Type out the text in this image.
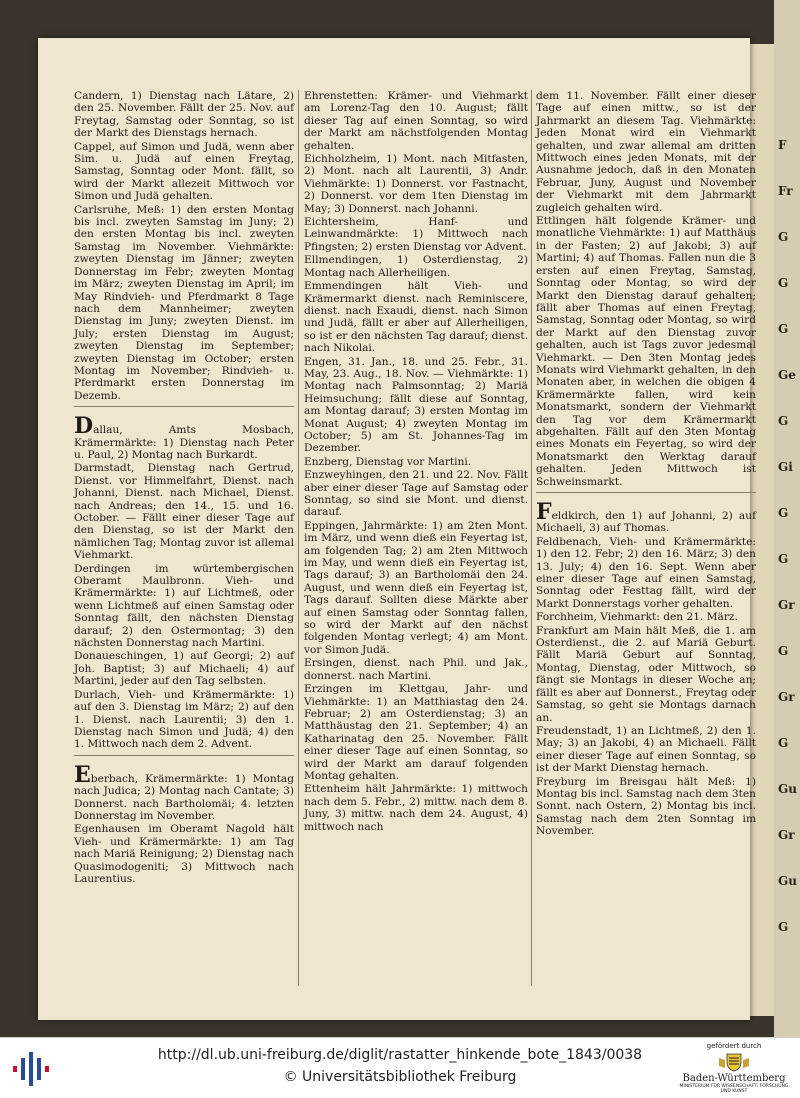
F
Fr
G
G
G
Ge
G
Gi
G
G
Gr
G
Gr
G
Gu
Gr
Gu
G
Candern, 1) Dienstag nach Lätare, 2) den 25. November. Fällt der 25. Nov. auf Freytag, Samstag oder Sonntag, so ist der Markt des Dienstags hernach.
Cappel, auf Simon und Judä, wenn aber Sim. u. Judä auf einen Freytag, Samstag, Sonntag oder Mont. fällt, so wird der Markt allezeit Mittwoch vor Simon und Judä gehalten.
Carlsruhe, Meß: 1) den ersten Montag bis incl. zweyten Samstag im Juny; 2) den ersten Montag bis incl. zweyten Samstag im November. Viehmärkte: zweyten Dienstag im Jänner; zweyten Donnerstag im Febr; zweyten Montag im März; zweyten Dienstag im April; im May Rindvieh- und Pferdmarkt 8 Tage nach dem Mannheimer; zweyten Dienstag im Juny; zweyten Dienst. im July; ersten Dienstag im August; zweyten Dienstag im September; zweyten Dienstag im October; ersten Montag im November; Rindvieh- u. Pferdmarkt ersten Donnerstag im Dezemb.
Dallau, Amts Mosbach, Krämermärkte: 1) Dienstag nach Peter u. Paul, 2) Montag nach Burkardt.
Darmstadt, Dienstag nach Gertrud, Dienst. vor Himmelfahrt, Dienst. nach Johanni, Dienst. nach Michael, Dienst. nach Andreas; den 14., 15. und 16. October. — Fällt einer dieser Tage auf den Dienstag, so ist der Markt den nämlichen Tag; Montag zuvor ist allemal Viehmarkt.
Derdingen im würtembergischen Oberamt Maulbronn. Vieh- und Krämermärkte: 1) auf Lichtmeß, oder wenn Lichtmeß auf einen Samstag oder Sonntag fällt, den nächsten Dienstag darauf; 2) den Ostermontag; 3) den nächsten Donnerstag nach Martini.
Donaueschingen, 1) auf Georgi; 2) auf Joh. Baptist; 3) auf Michaeli; 4) auf Martini, jeder auf den Tag selbsten.
Durlach, Vieh- und Krämermärkte: 1) auf den 3. Dienstag im März; 2) auf den 1. Dienst. nach Laurentii; 3) den 1. Dienstag nach Simon und Judä; 4) den 1. Mittwoch nach dem 2. Advent.
Eberbach, Krämermärkte: 1) Montag nach Judica; 2) Montag nach Cantate; 3) Donnerst. nach Bartholomäi; 4. letzten Donnerstag im November.
Egenhausen im Oberamt Nagold hält Vieh- und Krämermärkte: 1) am Tag nach Mariä Reinigung; 2) Dienstag nach Quasimodogeniti; 3) Mittwoch nach Laurentius.
Ehrenstetten: Krämer- und Viehmarkt am Lorenz-Tag den 10. August; fällt dieser Tag auf einen Sonntag, so wird der Markt am nächstfolgenden Montag gehalten.
Eichholzheim, 1) Mont. nach Mitfasten, 2) Mont. nach alt Laurentii, 3) Andr. Viehmärkte: 1) Donnerst. vor Fastnacht, 2) Donnerst. vor dem 1ten Dienstag im May; 3) Donnerst. nach Johanni.
Eichtersheim, Hanf- und Leinwandmärkte: 1) Mittwoch nach Pfingsten; 2) ersten Dienstag vor Advent.
Ellmendingen, 1) Osterdienstag, 2) Montag nach Allerheiligen.
Emmendingen hält Vieh- und Krämermarkt dienst. nach Reminiscere, dienst. nach Exaudi, dienst. nach Simon und Judä, fällt er aber auf Allerheiligen, so ist er den nächsten Tag darauf; dienst. nach Nikolai.
Engen, 31. Jan., 18. und 25. Febr., 31. May, 23. Aug., 18. Nov. — Viehmärkte: 1) Montag nach Palmsonntag; 2) Mariä Heimsuchung; fällt diese auf Sonntag, am Montag darauf; 3) ersten Montag im Monat August; 4) zweyten Montag im October; 5) am St. Johannes-Tag im Dezember.
Enzberg, Dienstag vor Martini.
Enzweyhingen, den 21. und 22. Nov. Fällt aber einer dieser Tage auf Samstag oder Sonntag, so sind sie Mont. und dienst. darauf.
Eppingen, Jahrmärkte: 1) am 2ten Mont. im März, und wenn dieß ein Feyertag ist, am folgenden Tag; 2) am 2ten Mittwoch im May, und wenn dieß ein Feyertag ist, Tags darauf; 3) an Bartholomäi den 24. August, und wenn dieß ein Feyertag ist, Tags darauf. Sollten diese Märkte aber auf einen Samstag oder Sonntag fallen, so wird der Markt auf den nächst folgenden Montag verlegt; 4) am Mont. vor Simon Judä.
Ersingen, dienst. nach Phil. und Jak., donnerst. nach Martini.
Erzingen im Klettgau, Jahr- und Viehmärkte: 1) an Matthiastag den 24. Februar; 2) am Osterdienstag; 3) an Matthäustag den 21. September; 4) an Katharinatag den 25. November. Fällt einer dieser Tage auf einen Sonntag, so wird der Markt am darauf folgenden Montag gehalten.
Ettenheim hält Jahrmärkte: 1) mittwoch nach dem 5. Febr., 2) mittw. nach dem 8. Juny, 3) mittw. nach dem 24. August, 4) mittwoch nach
dem 11. November. Fällt einer dieser Tage auf einen mittw., so ist der Jahrmarkt an diesem Tag. Viehmärkte: Jeden Monat wird ein Viehmarkt gehalten, und zwar allemal am dritten Mittwoch eines jeden Monats, mit der Ausnahme jedoch, daß in den Monaten Februar, Juny, August und November der Viehmarkt mit dem Jahrmarkt zugleich gehalten wird.
Ettlingen hält folgende Krämer- und monatliche Viehmärkte: 1) auf Matthäus in der Fasten; 2) auf Jakobi; 3) auf Martini; 4) auf Thomas. Fallen nun die 3 ersten auf einen Freytag, Samstag, Sonntag oder Montag, so wird der Markt den Dienstag darauf gehalten; fällt aber Thomas auf einen Freytag, Samstag, Sonntag oder Montag, so wird der Markt auf den Dienstag zuvor gehalten, auch ist Tags zuvor jedesmal Viehmarkt. — Den 3ten Montag jedes Monats wird Viehmarkt gehalten, in den Monaten aber, in welchen die obigen 4 Krämermärkte fallen, wird kein Monatsmarkt, sondern der Viehmarkt den Tag vor dem Krämermarkt abgehalten. Fällt auf den 3ten Montag eines Monats ein Feyertag, so wird der Monatsmarkt den Werktag darauf gehalten. Jeden Mittwoch ist Schweinsmarkt.
Feldkirch, den 1) auf Johanni, 2) auf Michaeli, 3) auf Thomas.
Feldbenach, Vieh- und Krämermärkte: 1) den 12. Febr; 2) den 16. März; 3) den 13. July; 4) den 16. Sept. Wenn aber einer dieser Tage auf einen Samstag, Sonntag oder Festtag fällt, wird der Markt Donnerstags vorher gehalten.
Forchheim, Viehmarkt: den 21. März.
Frankfurt am Main hält Meß, die 1. am Osterdienst., die 2. auf Mariä Geburt. Fällt Mariä Geburt auf Sonntag, Montag, Dienstag, oder Mittwoch, so fängt sie Montags in dieser Woche an; fällt es aber auf Donnerst., Freytag oder Samstag, so geht sie Montags darnach an.
Freudenstadt, 1) an Lichtmeß, 2) den 1. May; 3) an Jakobi, 4) an Michaeli. Fällt einer dieser Tage auf einen Sonntag, so ist der Markt Dienstag hernach.
Freyburg im Breisgau hält Meß: 1) Montag bis incl. Samstag nach dem 3ten Sonnt. nach Ostern, 2) Montag bis incl. Samstag nach dem 2ten Sonntag im November.
http://dl.ub.uni-freiburg.de/diglit/rastatter_hinkende_bote_1843/0038
© Universitätsbibliothek Freiburg
gefördert durch
Baden-Württemberg
MINISTERIUM FÜR WISSENSCHAFT, FORSCHUNG UND KUNST
